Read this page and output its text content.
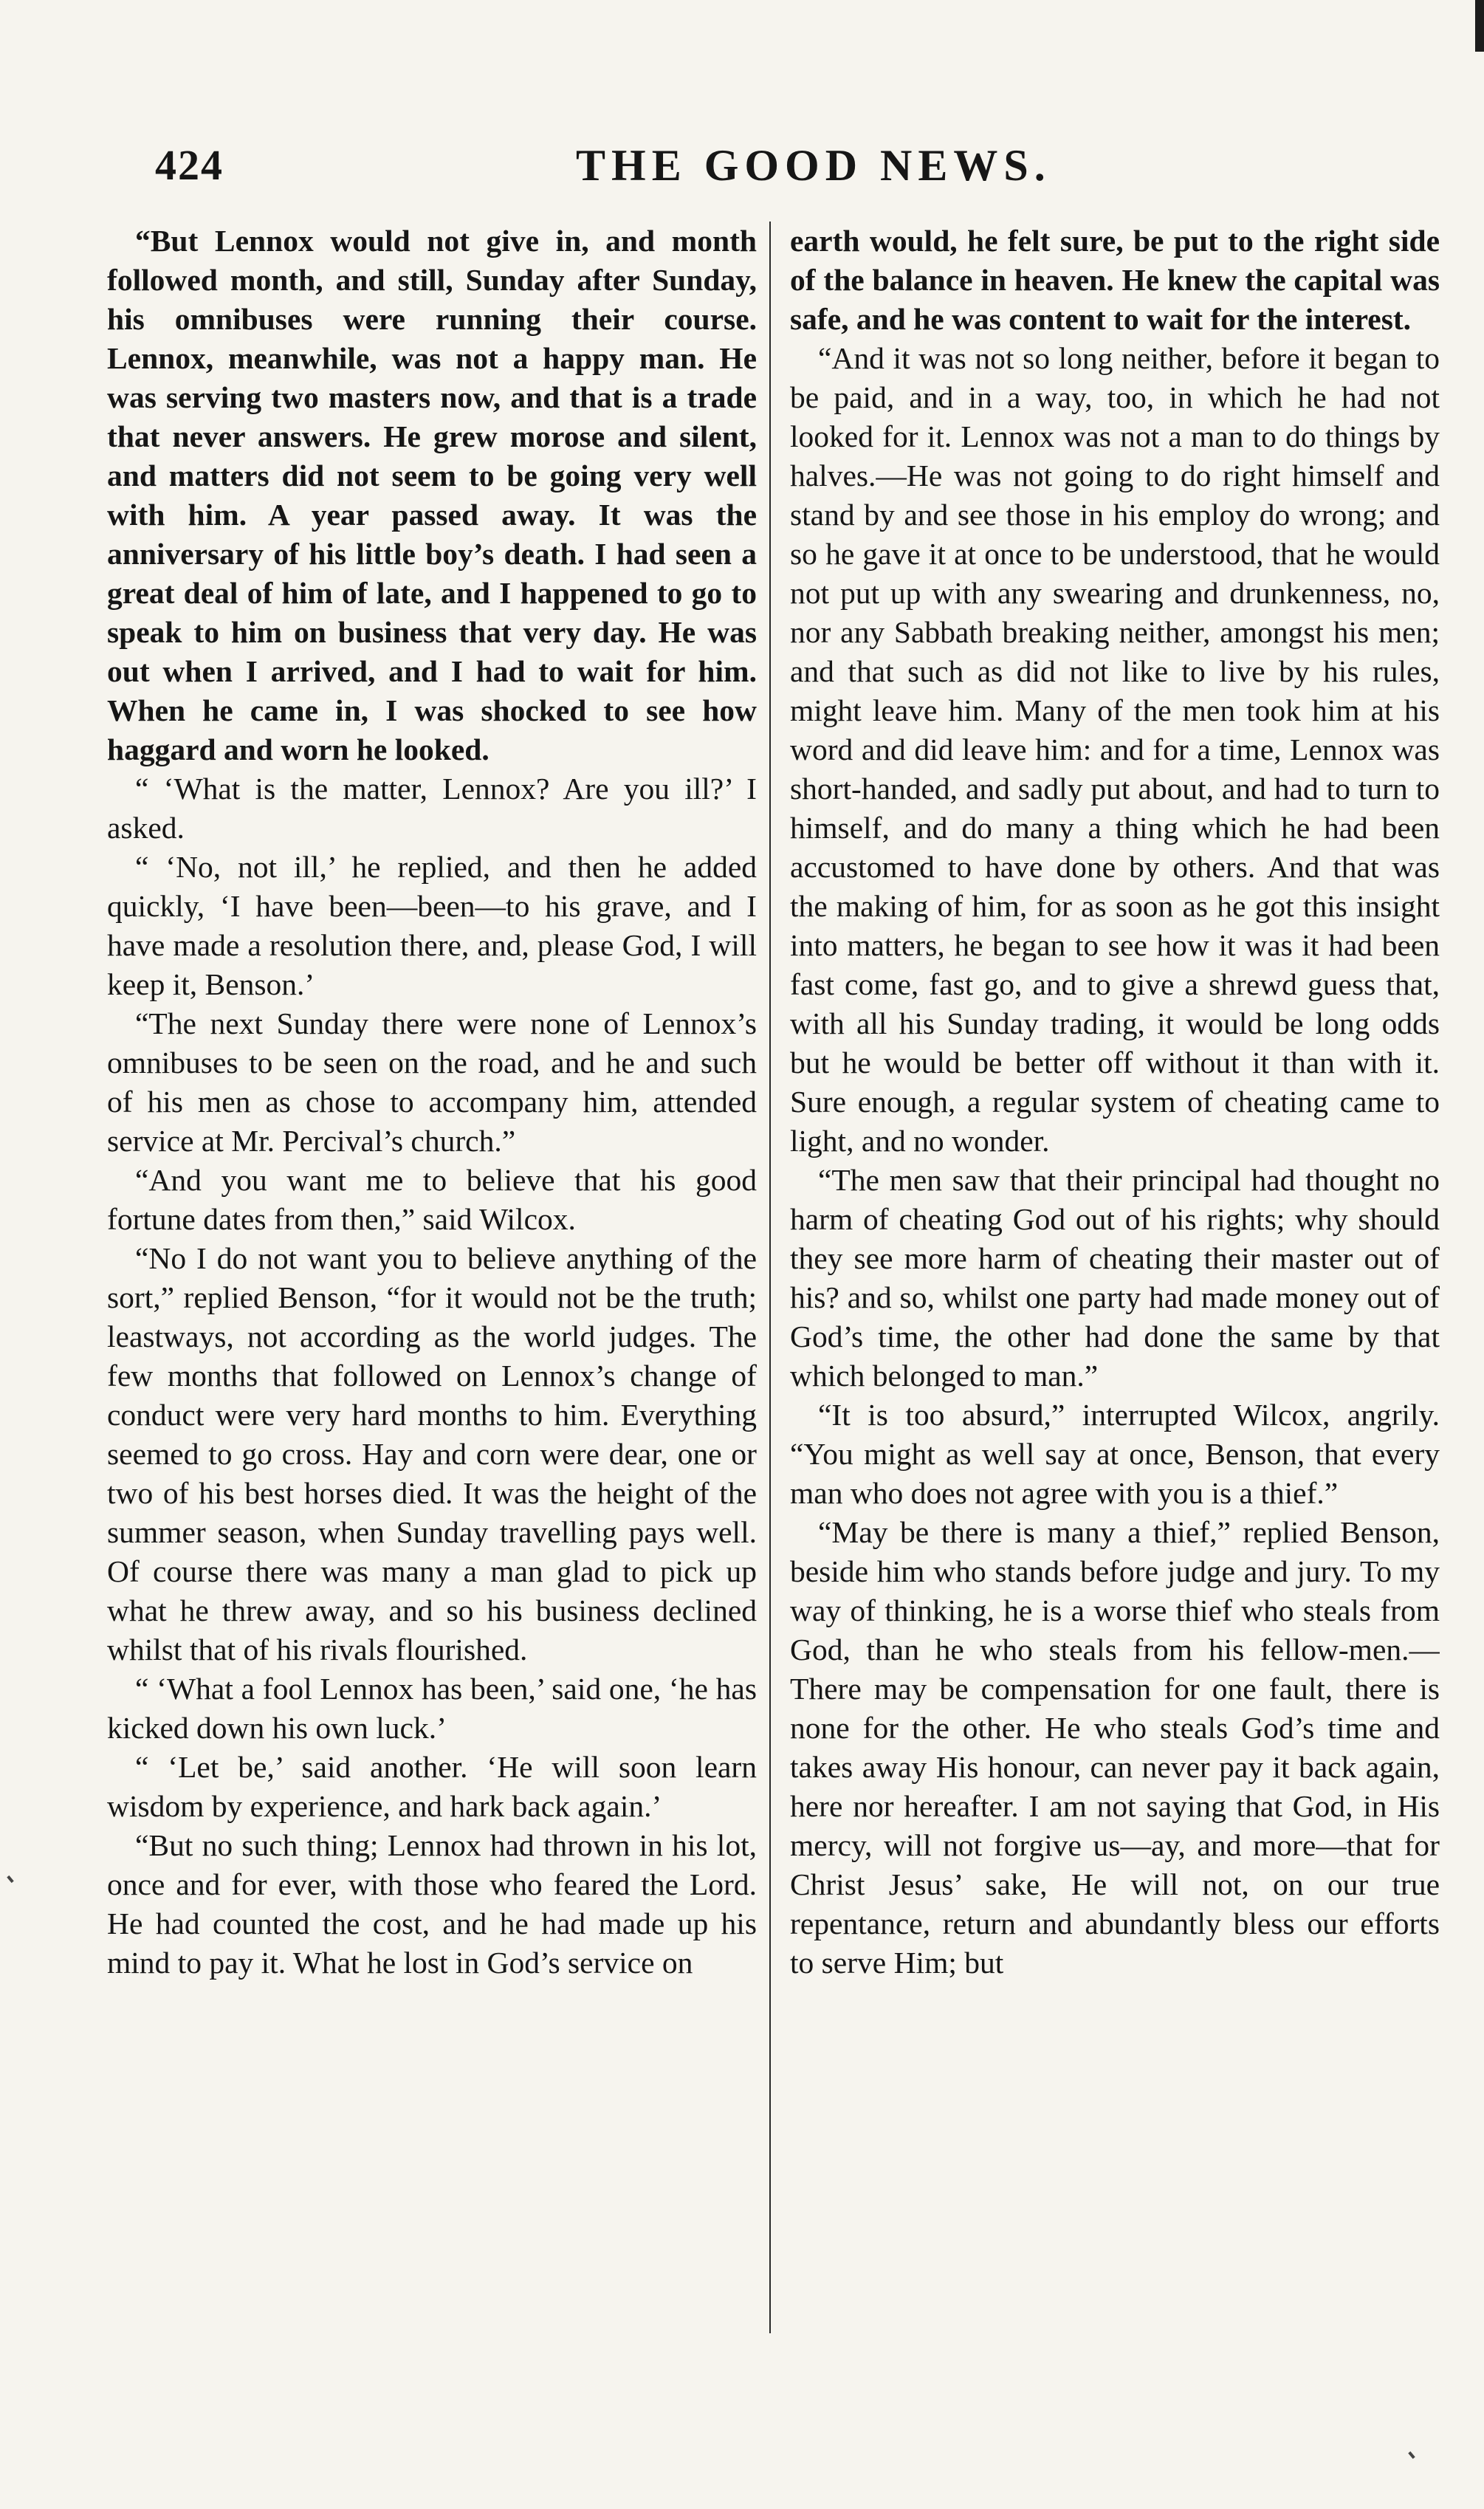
424	THE GOOD NEWS.

“But Lennox would not give in, and month followed month, and still, Sunday after Sunday, his omnibuses were running their course. Lennox, meanwhile, was not a happy man. He was serving two masters now, and that is a trade that never answers. He grew morose and silent, and matters did not seem to be going very well with him. A year passed away. It was the anniversary of his little boy’s death. I had seen a great deal of him of late, and I happened to go to speak to him on business that very day. He was out when I arrived, and I had to wait for him. When he came in, I was shocked to see how haggard and worn he looked.

“ ‘What is the matter, Lennox? Are you ill?’ I asked.

“ ‘No, not ill,’ he replied, and then he added quickly, ‘I have been—been—to his grave, and I have made a resolution there, and, please God, I will keep it, Benson.’

“The next Sunday there were none of Lennox’s omnibuses to be seen on the road, and he and such of his men as chose to accompany him, attended service at Mr. Percival’s church.”

“And you want me to believe that his good fortune dates from then,” said Wilcox.

“No I do not want you to believe anything of the sort,” replied Benson, “for it would not be the truth; leastways, not according as the world judges. The few months that followed on Lennox’s change of conduct were very hard months to him. Everything seemed to go cross. Hay and corn were dear, one or two of his best horses died. It was the height of the summer season, when Sunday travelling pays well. Of course there was many a man glad to pick up what he threw away, and so his business declined whilst that of his rivals flourished.

“ ‘What a fool Lennox has been,’ said one, ‘he has kicked down his own luck.’

“ ‘Let be,’ said another. ‘He will soon learn wisdom by experience, and hark back again.’

“But no such thing; Lennox had thrown in his lot, once and for ever, with those who feared the Lord. He had counted the cost, and he had made up his mind to pay it. What he lost in God’s service on

earth would, he felt sure, be put to the right side of the balance in heaven. He knew the capital was safe, and he was content to wait for the interest.

“And it was not so long neither, before it began to be paid, and in a way, too, in which he had not looked for it. Lennox was not a man to do things by halves.—He was not going to do right himself and stand by and see those in his employ do wrong; and so he gave it at once to be understood, that he would not put up with any swearing and drunkenness, no, nor any Sabbath breaking neither, amongst his men; and that such as did not like to live by his rules, might leave him. Many of the men took him at his word and did leave him: and for a time, Lennox was short-handed, and sadly put about, and had to turn to himself, and do many a thing which he had been accustomed to have done by others. And that was the making of him, for as soon as he got this insight into matters, he began to see how it was it had been fast come, fast go, and to give a shrewd guess that, with all his Sunday trading, it would be long odds but he would be better off without it than with it. Sure enough, a regular system of cheating came to light, and no wonder.

“The men saw that their principal had thought no harm of cheating God out of his rights; why should they see more harm of cheating their master out of his? and so, whilst one party had made money out of God’s time, the other had done the same by that which belonged to man.”

“It is too absurd,” interrupted Wilcox, angrily. “You might as well say at once, Benson, that every man who does not agree with you is a thief.”

“May be there is many a thief,” replied Benson, beside him who stands before judge and jury. To my way of thinking, he is a worse thief who steals from God, than he who steals from his fellow-men.—There may be compensation for one fault, there is none for the other. He who steals God’s time and takes away His honour, can never pay it back again, here nor hereafter. I am not saying that God, in His mercy, will not forgive us—ay, and more—that for Christ Jesus’ sake, He will not, on our true repentance, return and abundantly bless our efforts to serve Him; but
